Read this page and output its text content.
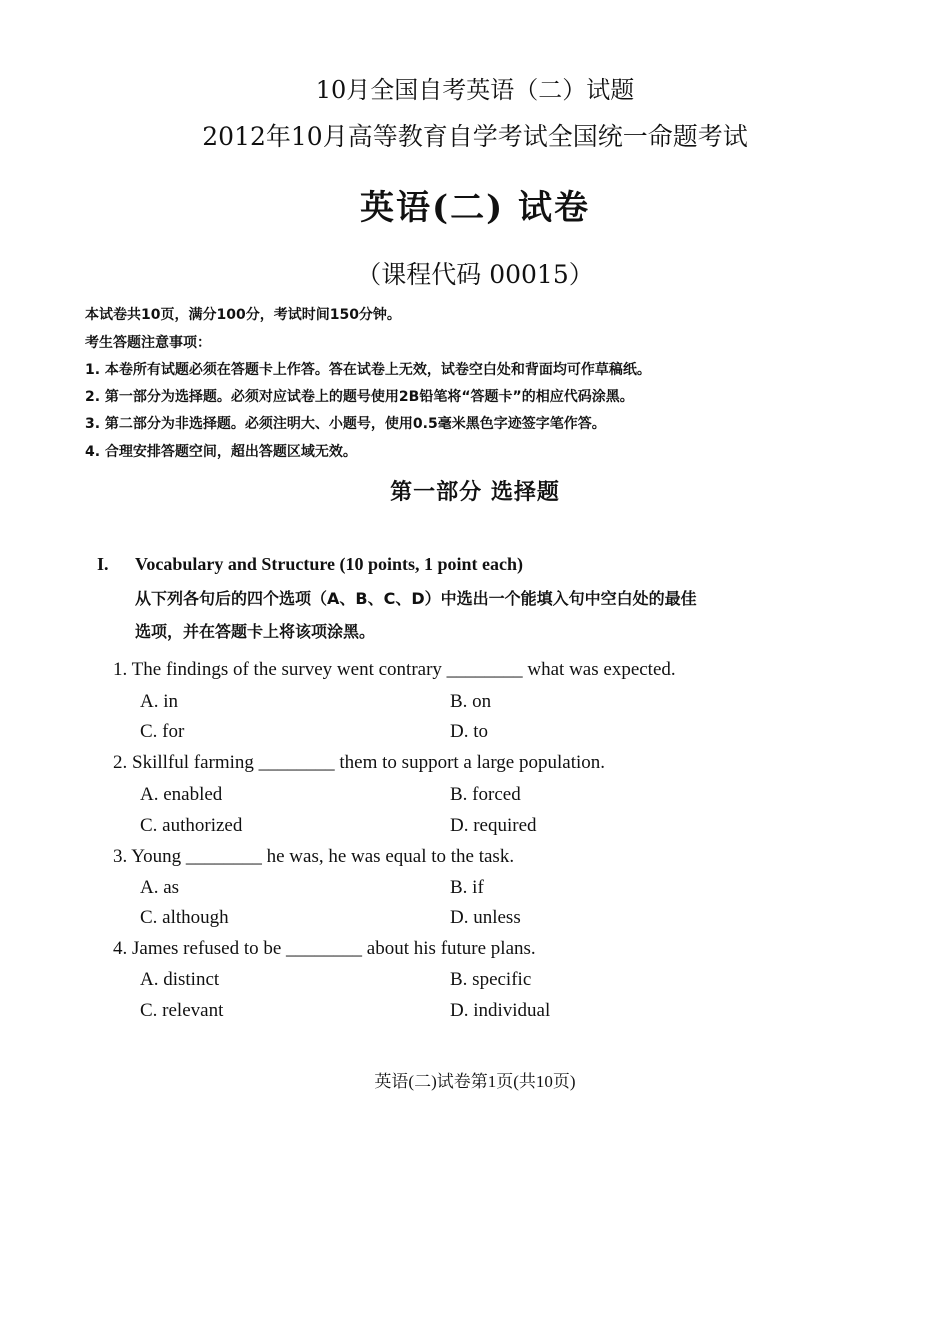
10月全国自考英语（二）试题
2012年10月高等教育自学考试全国统一命题考试
英语(二) 试卷
（课程代码 00015）
本试卷共10页，满分100分，考试时间150分钟。
考生答题注意事项：
1. 本卷所有试题必须在答题卡上作答。答在试卷上无效，试卷空白处和背面均可作草稿纸。
2. 第一部分为选择题。必须对应试卷上的题号使用2B铅笔将“答题卡”的相应代码涂黑。
3. 第二部分为非选择题。必须注明大、小题号，使用0.5毫米黑色字迹签字笔作答。
4. 合理安排答题空间，超出答题区域无效。
第一部分 选择题
I. Vocabulary and Structure (10 points, 1 point each)
从下列各句后的四个选项（A、B、C、D）中选出一个能填入句中空白处的最佳
选项，并在答题卡上将该项涂黑。
1. The findings of the survey went contrary ________ what was expected.
A. in	B. on
C. for	D. to
2. Skillful farming ________ them to support a large population.
A. enabled	B. forced
C. authorized	D. required
3. Young ________ he was, he was equal to the task.
A. as	B. if
C. although	D. unless
4. James refused to be ________ about his future plans.
A. distinct	B. specific
C. relevant	D. individual
英语(二)试卷第1页(共10页)
